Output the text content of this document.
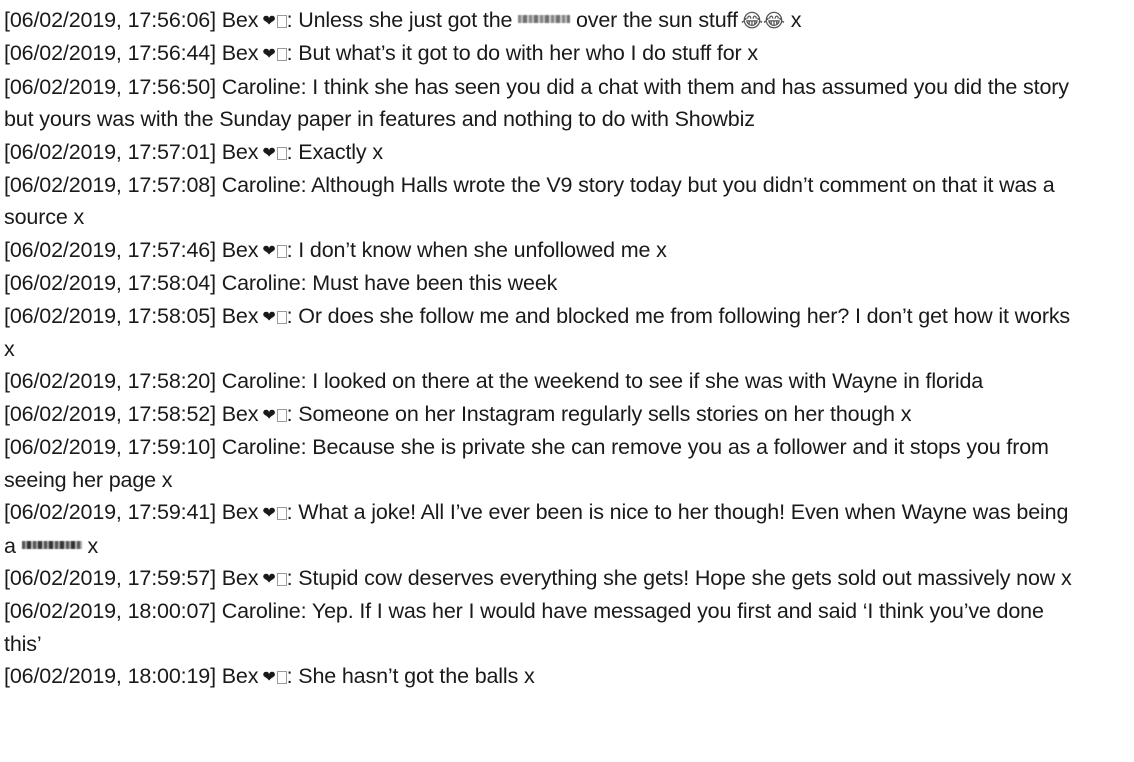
[06/02/2019, 17:56:06] Bex ❤ : Unless she just got the	over the sun stuff 😂😂 x
[06/02/2019, 17:56:44] Bex ❤ : But what’s it got to do with her who I do stuff for x
[06/02/2019, 17:56:50] Caroline: I think she has seen you did a chat with them and has assumed you did the story but yours was with the Sunday paper in features and nothing to do with Showbiz
[06/02/2019, 17:57:01] Bex ❤ : Exactly x
[06/02/2019, 17:57:08] Caroline: Although Halls wrote the V9 story today but you didn’t comment on that it was a source x
[06/02/2019, 17:57:46] Bex ❤ : I don’t know when she unfollowed me x
[06/02/2019, 17:58:04] Caroline: Must have been this week
[06/02/2019, 17:58:05] Bex ❤ : Or does she follow me and blocked me from following her? I don’t get how it works x
[06/02/2019, 17:58:20] Caroline: I looked on there at the weekend to see if she was with Wayne in florida
[06/02/2019, 17:58:52] Bex ❤ : Someone on her Instagram regularly sells stories on her though x
[06/02/2019, 17:59:10] Caroline: Because she is private she can remove you as a follower and it stops you from seeing her page x
[06/02/2019, 17:59:41] Bex ❤ : What a joke! All I’ve ever been is nice to her though! Even when Wayne was being a	x
[06/02/2019, 17:59:57] Bex ❤ : Stupid cow deserves everything she gets! Hope she gets sold out massively now x
[06/02/2019, 18:00:07] Caroline: Yep. If I was her I would have messaged you first and said ‘I think you’ve done this’
[06/02/2019, 18:00:19] Bex ❤ : She hasn’t got the balls x
